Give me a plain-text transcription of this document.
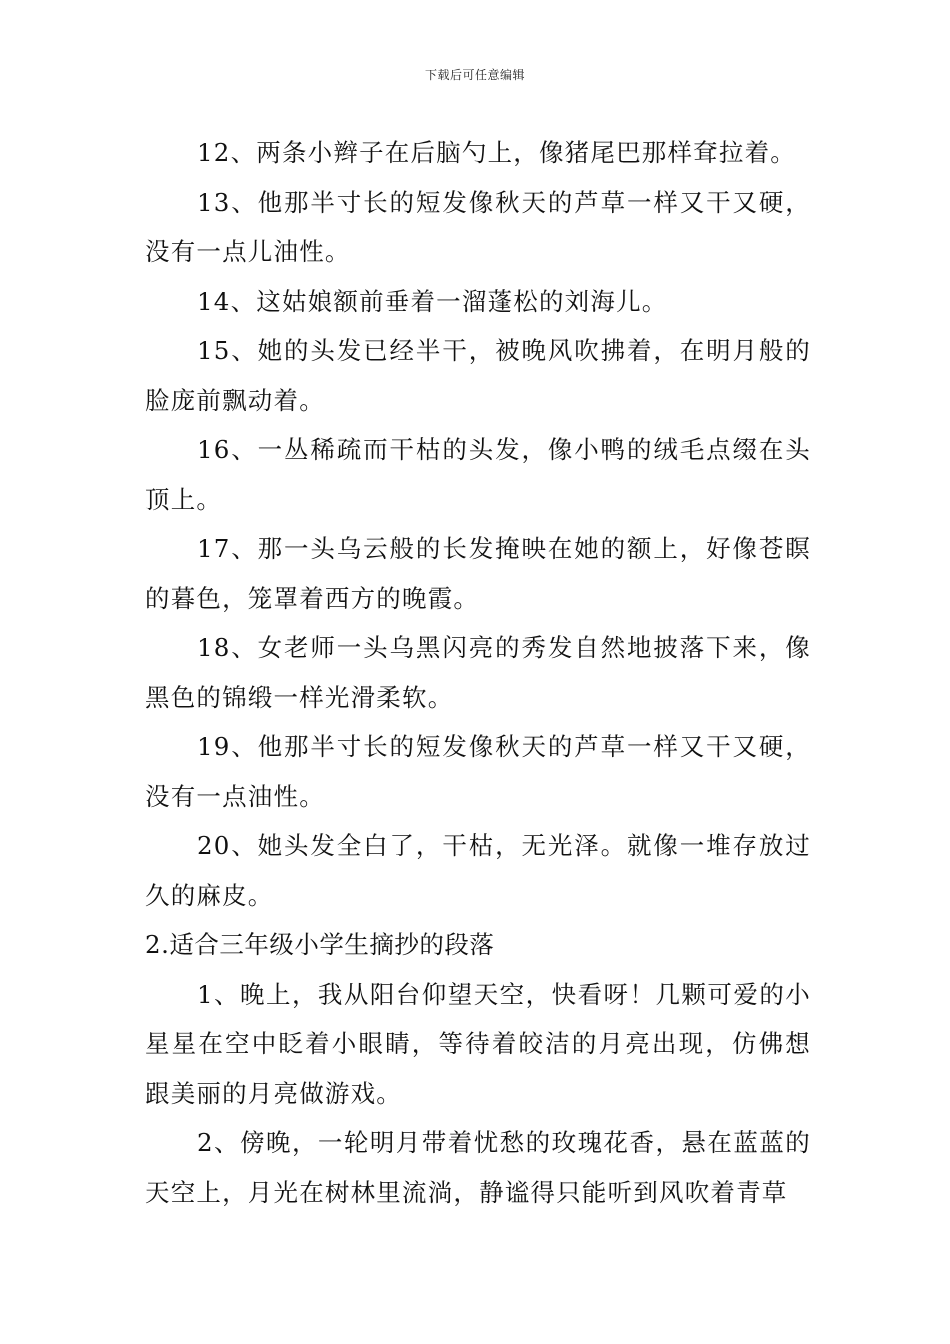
下载后可任意编辑

12、两条小辫子在后脑勺上，像猪尾巴那样耷拉着。

13、他那半寸长的短发像秋天的芦草一样又干又硬，没有一点儿油性。

14、这姑娘额前垂着一溜蓬松的刘海儿。

15、她的头发已经半干，被晚风吹拂着，在明月般的脸庞前飘动着。

16、一丛稀疏而干枯的头发，像小鸭的绒毛点缀在头顶上。

17、那一头乌云般的长发掩映在她的额上，好像苍瞑的暮色，笼罩着西方的晚霞。

18、女老师一头乌黑闪亮的秀发自然地披落下来，像黑色的锦缎一样光滑柔软。

19、他那半寸长的短发像秋天的芦草一样又干又硬，没有一点油性。

20、她头发全白了，干枯，无光泽。就像一堆存放过久的麻皮。

2.适合三年级小学生摘抄的段落

1、晚上，我从阳台仰望天空，快看呀！几颗可爱的小星星在空中眨着小眼睛，等待着皎洁的月亮出现，仿佛想跟美丽的月亮做游戏。

2、傍晚，一轮明月带着忧愁的玫瑰花香，悬在蓝蓝的天空上，月光在树林里流淌，静谧得只能听到风吹着青草
